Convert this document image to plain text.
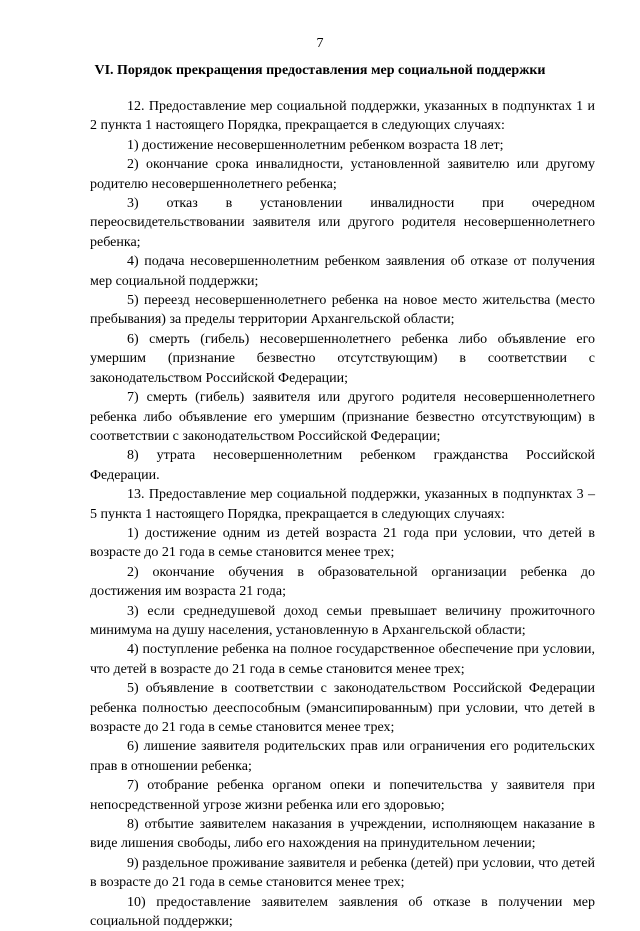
7
VI. Порядок прекращения предоставления мер социальной поддержки

12. Предоставление мер социальной поддержки, указанных в подпунктах 1 и 2 пункта 1 настоящего Порядка, прекращается в следующих случаях:

1) достижение несовершеннолетним ребенком возраста 18 лет;

2) окончание срока инвалидности, установленной заявителю или другому родителю несовершеннолетнего ребенка;

3) отказ в установлении инвалидности при очередном переосвидетельствовании заявителя или другого родителя несовершеннолетнего ребенка;

4) подача несовершеннолетним ребенком заявления об отказе от получения мер социальной поддержки;

5) переезд несовершеннолетнего ребенка на новое место жительства (место пребывания) за пределы территории Архангельской области;

6) смерть (гибель) несовершеннолетнего ребенка либо объявление его умершим (признание безвестно отсутствующим) в соответствии с законодательством Российской Федерации;

7) смерть (гибель) заявителя или другого родителя несовершеннолетнего ребенка либо объявление его умершим (признание безвестно отсутствующим) в соответствии с законодательством Российской Федерации;

8) утрата несовершеннолетним ребенком гражданства Российской Федерации.

13. Предоставление мер социальной поддержки, указанных в подпунктах 3 – 5 пункта 1 настоящего Порядка, прекращается в следующих случаях:

1) достижение одним из детей возраста 21 года при условии, что детей в возрасте до 21 года в семье становится менее трех;

2) окончание обучения в образовательной организации ребенка до достижения им возраста 21 года;

3) если среднедушевой доход семьи превышает величину прожиточного минимума на душу населения, установленную в Архангельской области;

4) поступление ребенка на полное государственное обеспечение при условии, что детей в возрасте до 21 года в семье становится менее трех;

5) объявление в соответствии с законодательством Российской Федерации ребенка полностью дееспособным (эмансипированным) при условии, что детей в возрасте до 21 года в семье становится менее трех;

6) лишение заявителя родительских прав или ограничения его родительских прав в отношении ребенка;

7) отобрание ребенка органом опеки и попечительства у заявителя при непосредственной угрозе жизни ребенка или его здоровью;

8) отбытие заявителем наказания в учреждении, исполняющем наказание в виде лишения свободы, либо его нахождения на принудительном лечении;

9) раздельное проживание заявителя и ребенка (детей) при условии, что детей в возрасте до 21 года в семье становится менее трех;

10) предоставление заявителем заявления об отказе в получении мер социальной поддержки;
